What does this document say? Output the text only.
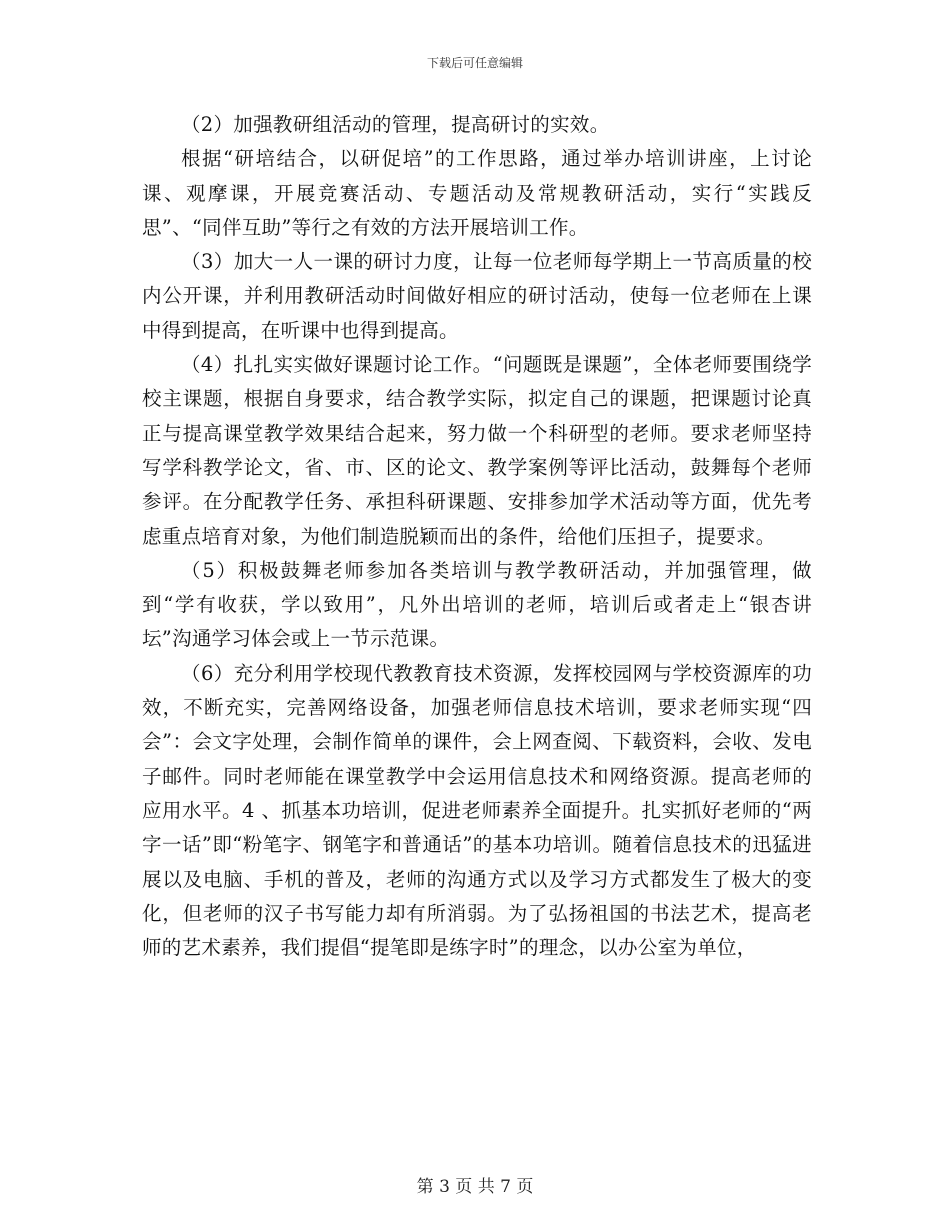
下载后可任意编辑

（2）加强教研组活动的管理，提高研讨的实效。

根据“研培结合，以研促培”的工作思路，通过举办培训讲座，上讨论课、观摩课，开展竞赛活动、专题活动及常规教研活动，实行“实践反思”、“同伴互助”等行之有效的方法开展培训工作。

（3）加大一人一课的研讨力度，让每一位老师每学期上一节高质量的校内公开课，并利用教研活动时间做好相应的研讨活动，使每一位老师在上课中得到提高，在听课中也得到提高。

（4）扎扎实实做好课题讨论工作。“问题既是课题”，全体老师要围绕学校主课题，根据自身要求，结合教学实际，拟定自己的课题，把课题讨论真正与提高课堂教学效果结合起来，努力做一个科研型的老师。要求老师坚持写学科教学论文，省、市、区的论文、教学案例等评比活动，鼓舞每个老师参评。在分配教学任务、承担科研课题、安排参加学术活动等方面，优先考虑重点培育对象，为他们制造脱颖而出的条件，给他们压担子，提要求。

（5）积极鼓舞老师参加各类培训与教学教研活动，并加强管理，做到“学有收获，学以致用”，凡外出培训的老师，培训后或者走上“银杏讲坛”沟通学习体会或上一节示范课。

（6）充分利用学校现代教教育技术资源，发挥校园网与学校资源库的功效，不断充实，完善网络设备，加强老师信息技术培训，要求老师实现“四会”：会文字处理，会制作简单的课件，会上网查阅、下载资料，会收、发电子邮件。同时老师能在课堂教学中会运用信息技术和网络资源。提高老师的应用水平。4 、抓基本功培训，促进老师素养全面提升。扎实抓好老师的“两字一话”即“粉笔字、钢笔字和普通话”的基本功培训。随着信息技术的迅猛进展以及电脑、手机的普及，老师的沟通方式以及学习方式都发生了极大的变化，但老师的汉子书写能力却有所消弱。为了弘扬祖国的书法艺术，提高老师的艺术素养，我们提倡“提笔即是练字时”的理念，以办公室为单位，

第 3 页 共 7 页
